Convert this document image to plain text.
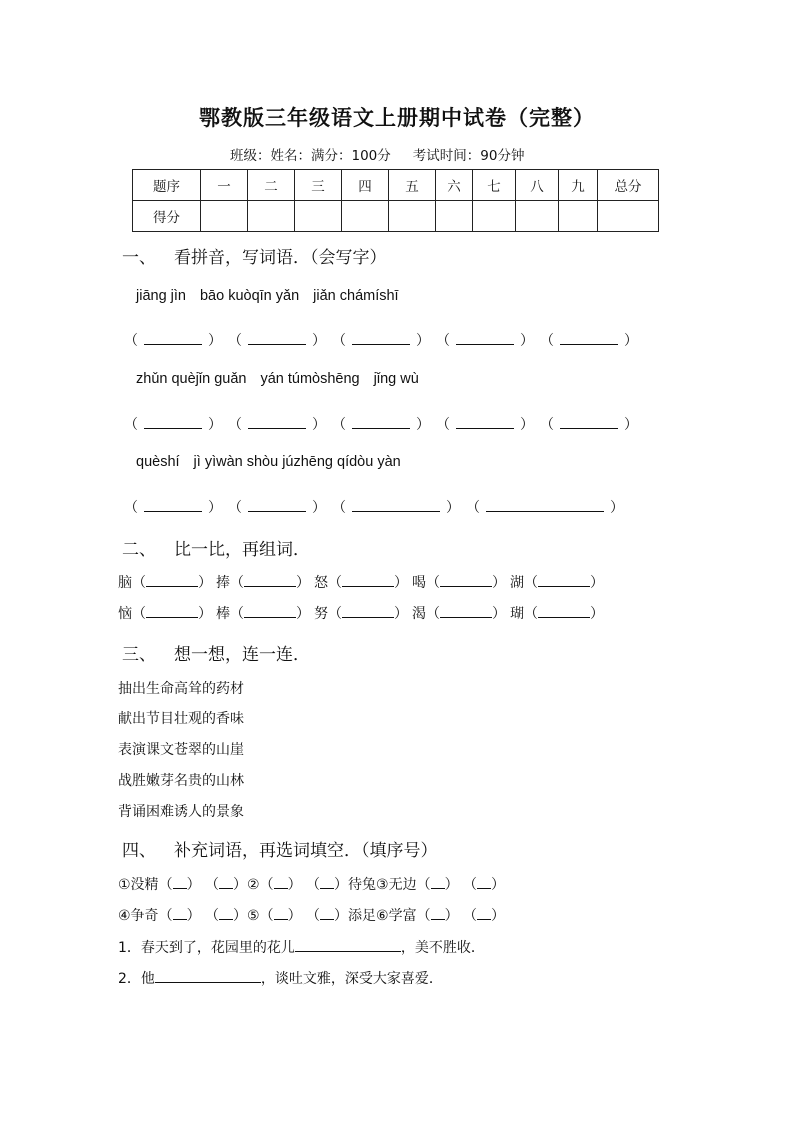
鄂教版三年级语文上册期中试卷（完整）
班级：姓名：满分：100分 考试时间：90分钟
题序	一	二	三	四	五	六	七	八	九	总分
得分										
一、 看拼音，写词语．（会写字）
jiāng jìn bāo kuòqīn yǎn jiǎn chámíshī
（	） （	） （	） （	） （	）
zhǔn quèjǐn guǎn yán túmòshēng jǐng wù
（	） （	） （	） （	） （	）
quèshí jì yìwàn shòu júzhēng qídòu yàn
（	） （	） （	） （	）
二、 比一比，再组词．
脑（	） 捧（	） 怒（	） 喝（	） 湖（	）
恼（	） 棒（	） 努（	） 渴（	） 瑚（	）
三、 想一想，连一连．
抽出生命高耸的药材
献出节目壮观的香味
表演课文苍翠的山崖
战胜嫩芽名贵的山林
背诵困难诱人的景象
四、 补充词语，再选词填空．（填序号）
①没精（ ） （ ）②（ ） （ ）待兔③无边（ ） （ ）
④争奇（ ） （ ）⑤（ ） （ ）添足⑥学富（ ） （ ）
1．春天到了，花园里的花儿	，美不胜收．
2．他	，谈吐文雅，深受大家喜爱．
